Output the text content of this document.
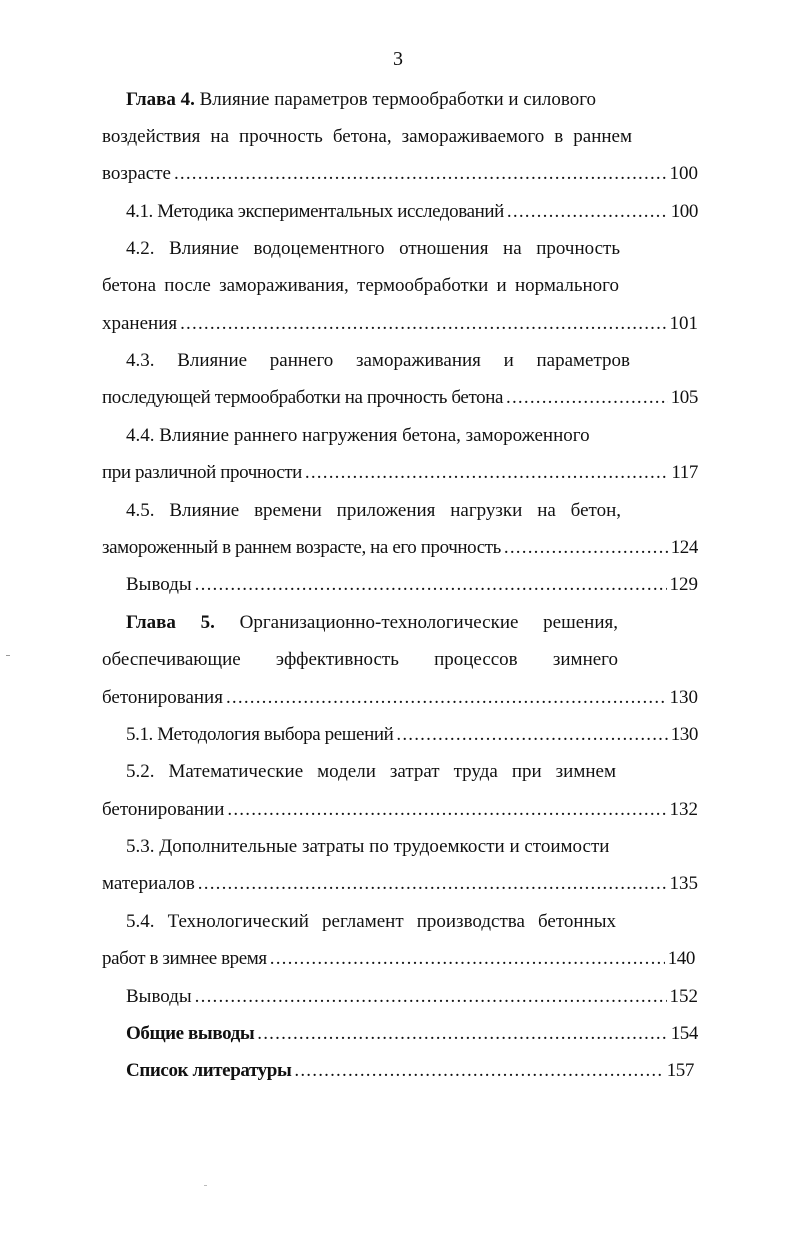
3
Глава 4. Влияние параметров термообработки и силового
воздействия на прочность бетона, замораживаемого в раннем
возрасте .....	100
4.1. Методика экспериментальных исследований .....	100
4.2. Влияние водоцементного отношения на прочность
бетона после замораживания, термообработки и нормального
хранения .....	101
4.3. Влияние раннего замораживания и параметров
последующей термообработки на прочность бетона .....	105
4.4. Влияние раннего нагружения бетона, замороженного
при различной прочности .....	117
4.5. Влияние времени приложения нагрузки на бетон,
замороженный в раннем возрасте, на его прочность .....	124
Выводы .....	129
Глава 5. Организационно-технологические решения,
обеспечивающие эффективность процессов зимнего
бетонирования .....	130
5.1. Методология выбора решений .....	130
5.2. Математические модели затрат труда при зимнем
бетонировании .....	132
5.3. Дополнительные затраты по трудоемкости и стоимости
материалов .....	135
5.4. Технологический регламент производства бетонных
работ в зимнее время .....	140
Выводы .....	152
Общие выводы .....	154
Список литературы .....	157
